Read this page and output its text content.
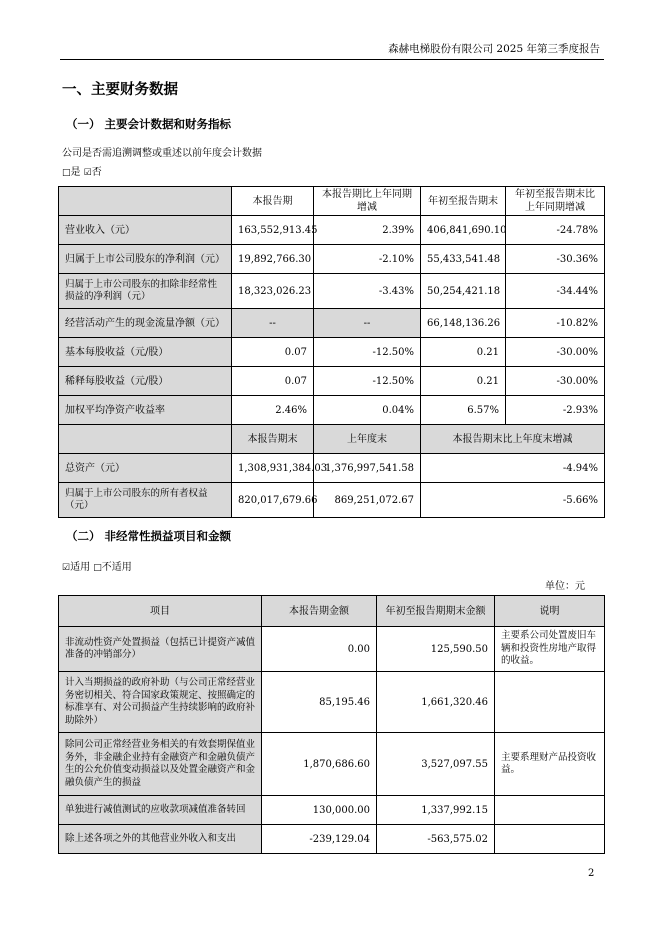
森赫电梯股份有限公司 2025 年第三季度报告
一、主要财务数据
（一） 主要会计数据和财务指标
公司是否需追溯调整或重述以前年度会计数据
□是 ☑否
	本报告期	本报告期比上年同期增减	年初至报告期末	年初至报告期末比上年同期增减
营业收入（元）	163,552,913.45	2.39%	406,841,690.10	-24.78%
归属于上市公司股东的净利润（元）	19,892,766.30	-2.10%	55,433,541.48	-30.36%
归属于上市公司股东的扣除非经常性损益的净利润（元）	18,323,026.23	-3.43%	50,254,421.18	-34.44%
经营活动产生的现金流量净额（元）	--	--	66,148,136.26	-10.82%
基本每股收益（元/股）	0.07	-12.50%	0.21	-30.00%
稀释每股收益（元/股）	0.07	-12.50%	0.21	-30.00%
加权平均净资产收益率	2.46%	0.04%	6.57%	-2.93%
	本报告期末	上年度末	本报告期末比上年度末增减	
总资产（元）	1,308,931,384.03	1,376,997,541.58	-4.94%	
归属于上市公司股东的所有者权益（元）	820,017,679.66	869,251,072.67	-5.66%	
（二） 非经常性损益项目和金额
☑适用 □不适用
单位：元
项目	本报告期金额	年初至报告期期末金额	说明
非流动性资产处置损益（包括已计提资产减值准备的冲销部分）	0.00	125,590.50	主要系公司处置废旧车辆和投资性房地产取得的收益。
计入当期损益的政府补助（与公司正常经营业务密切相关、符合国家政策规定、按照确定的标准享有、对公司损益产生持续影响的政府补助除外）	85,195.46	1,661,320.46	
除同公司正常经营业务相关的有效套期保值业务外，非金融企业持有金融资产和金融负债产生的公允价值变动损益以及处置金融资产和金融负债产生的损益	1,870,686.60	3,527,097.55	主要系理财产品投资收益。
单独进行减值测试的应收款项减值准备转回	130,000.00	1,337,992.15	
除上述各项之外的其他营业外收入和支出	-239,129.04	-563,575.02	
2
